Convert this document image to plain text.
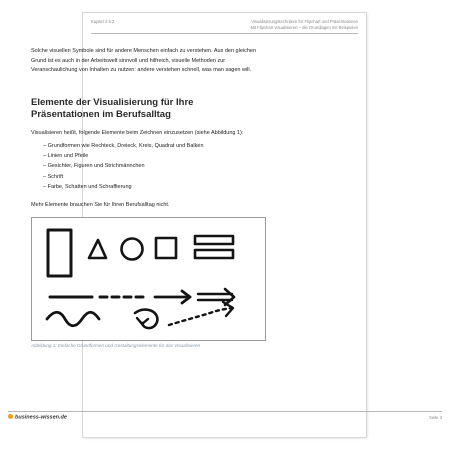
Kapitel 2.5.2	Visualisierungstechniken für Flipchart und Präsentationen
Mit Flipchart visualisieren – die Grundlagen mit Beispielen
Solche visuellen Symbole sind für andere Menschen einfach zu verstehen. Aus den gleichen Grund ist es auch in der Arbeitswelt sinnvoll und hilfreich, visuelle Methoden zur Veranschaulichung von Inhalten zu nutzen: andere verstehen schnell, was man sagen will.
Elemente der Visualisierung für Ihre Präsentationen im Berufsalltag
Visualisieren heißt, folgende Elemente beim Zeichnen einzusetzen (siehe Abbildung 1):
– Grundformen wie Rechteck, Dreieck, Kreis, Quadrat und Balken
– Linien und Pfeile
– Gesichter, Figuren und Strichmännchen
– Schrift
– Farbe, Schatten und Schraffierung
Mehr Elemente brauchen Sie für Ihren Berufsalltag nicht.
Abbildung 1: Einfache Grundformen und Gestaltungselemente für das Visualisieren
business-wissen.de	Seite 3
